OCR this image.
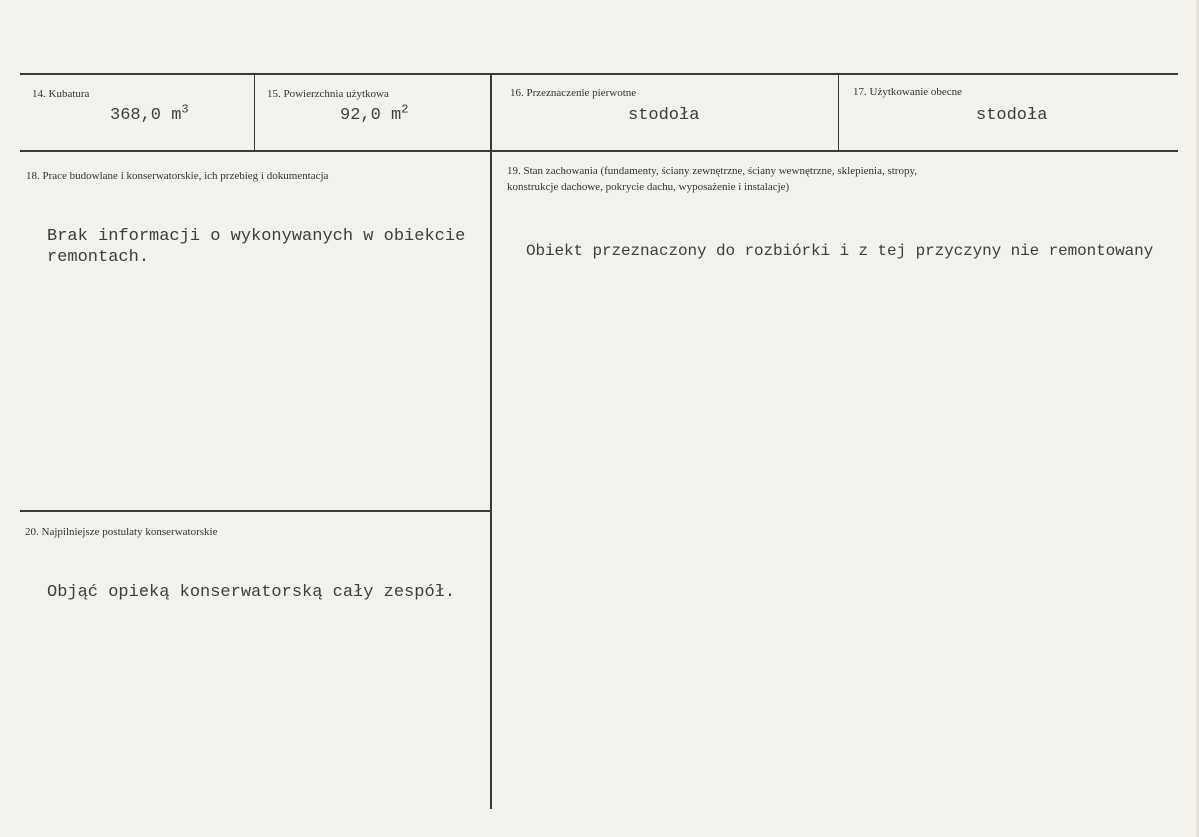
14. Kubatura
368,0 $m^3$
15. Powierzchnia użytkowa
92,0 $m^2$
16. Przeznaczenie pierwotne
stodoła
17. Użytkowanie obecne
stodoła
18. Prace budowlane i konserwatorskie, ich przebieg i dokumentacja
Brak informacji o wykonywanych w obiekcie
remontach.
19. Stan zachowania (fundamenty, ściany zewnętrzne, ściany wewnętrzne, sklepienia, stropy,
konstrukcje dachowe, pokrycie dachu, wyposażenie i instalacje)
Obiekt przeznaczony do rozbiórki i z tej przyczyny nie remontowany
20. Najpilniejsze postulaty konserwatorskie
Objąć opieką konserwatorską cały zespół.
